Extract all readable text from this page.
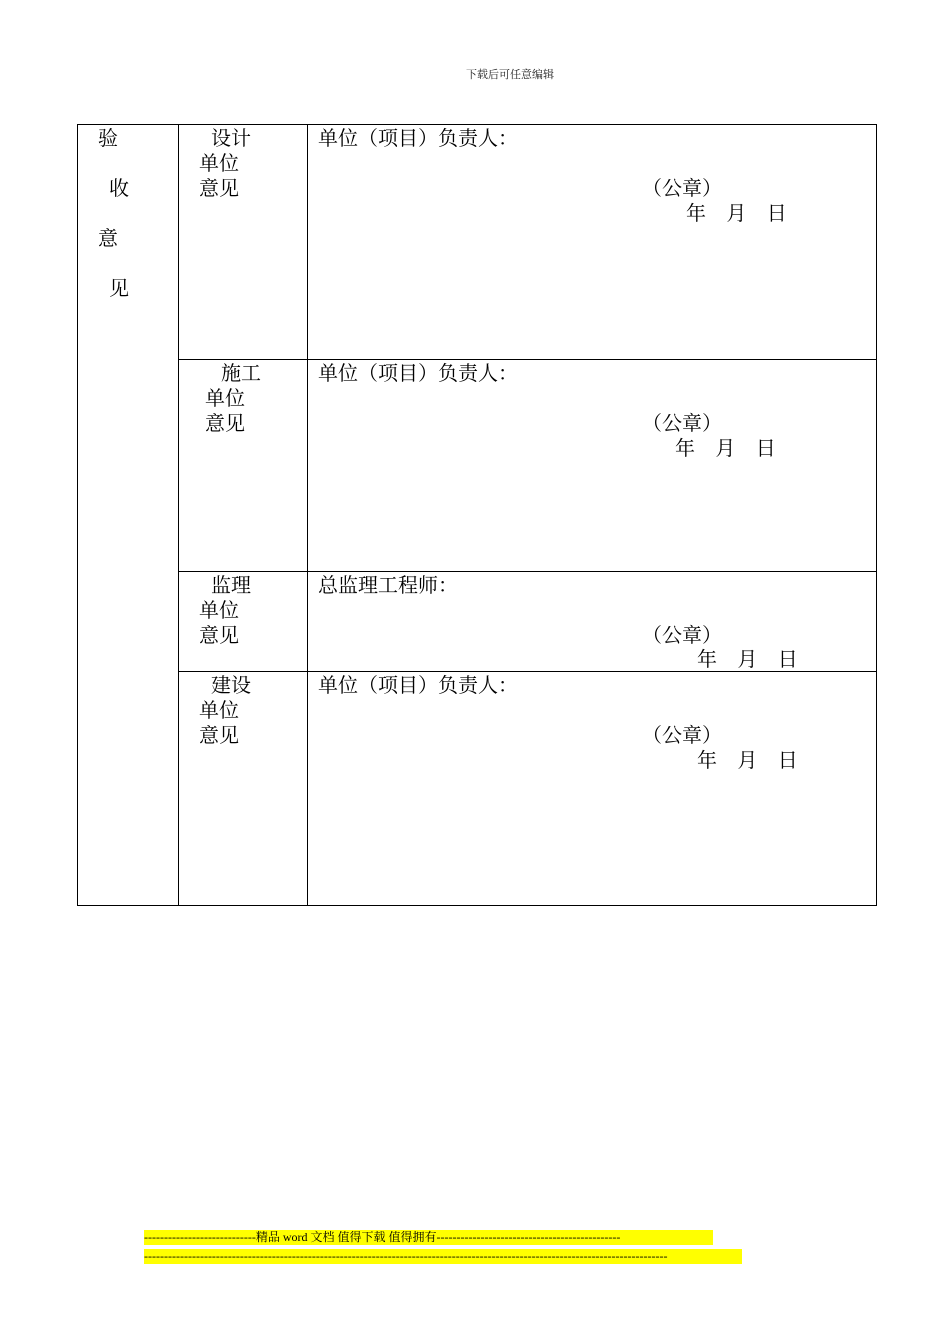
下载后可任意编辑
验
收
意
见
设计
单位
意见
单位（项目）负责人：
（公章）
年 月 日
施工
单位
意见
单位（项目）负责人：
（公章）
年 月 日
监理
单位
意见
总监理工程师：
（公章）
年 月 日
建设
单位
意见
单位（项目）负责人：
（公章）
年 月 日
----------------------------精品 word 文档 值得下载 值得拥有----------------------------------------------
-----------------------------------------------------------------------------------------------------------------------------------
